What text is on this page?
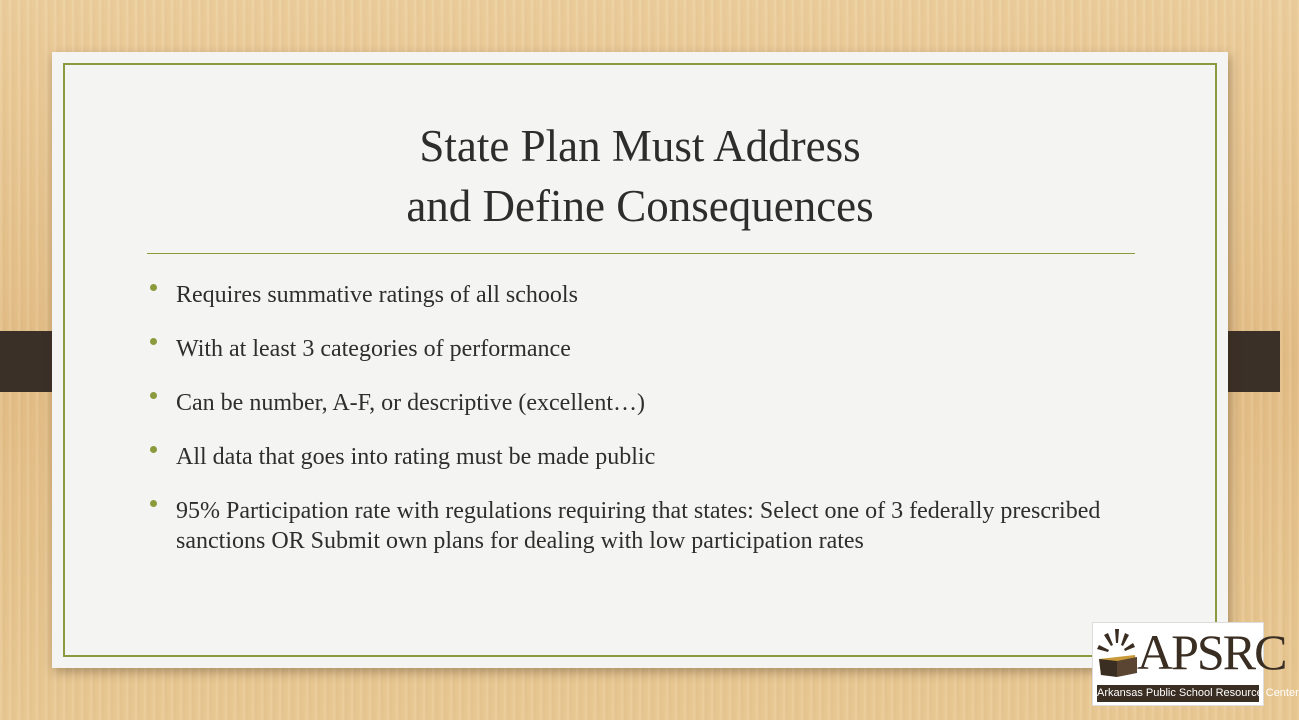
State Plan Must Address
and Define Consequences
Requires summative ratings of all schools
With at least 3 categories of performance
Can be number, A-F, or descriptive (excellent…)
All data that goes into rating must be made public
95% Participation rate with regulations requiring that states: Select one of 3 federally prescribed sanctions OR Submit own plans for dealing with low participation rates
APSRC
Arkansas Public School Resource Center
